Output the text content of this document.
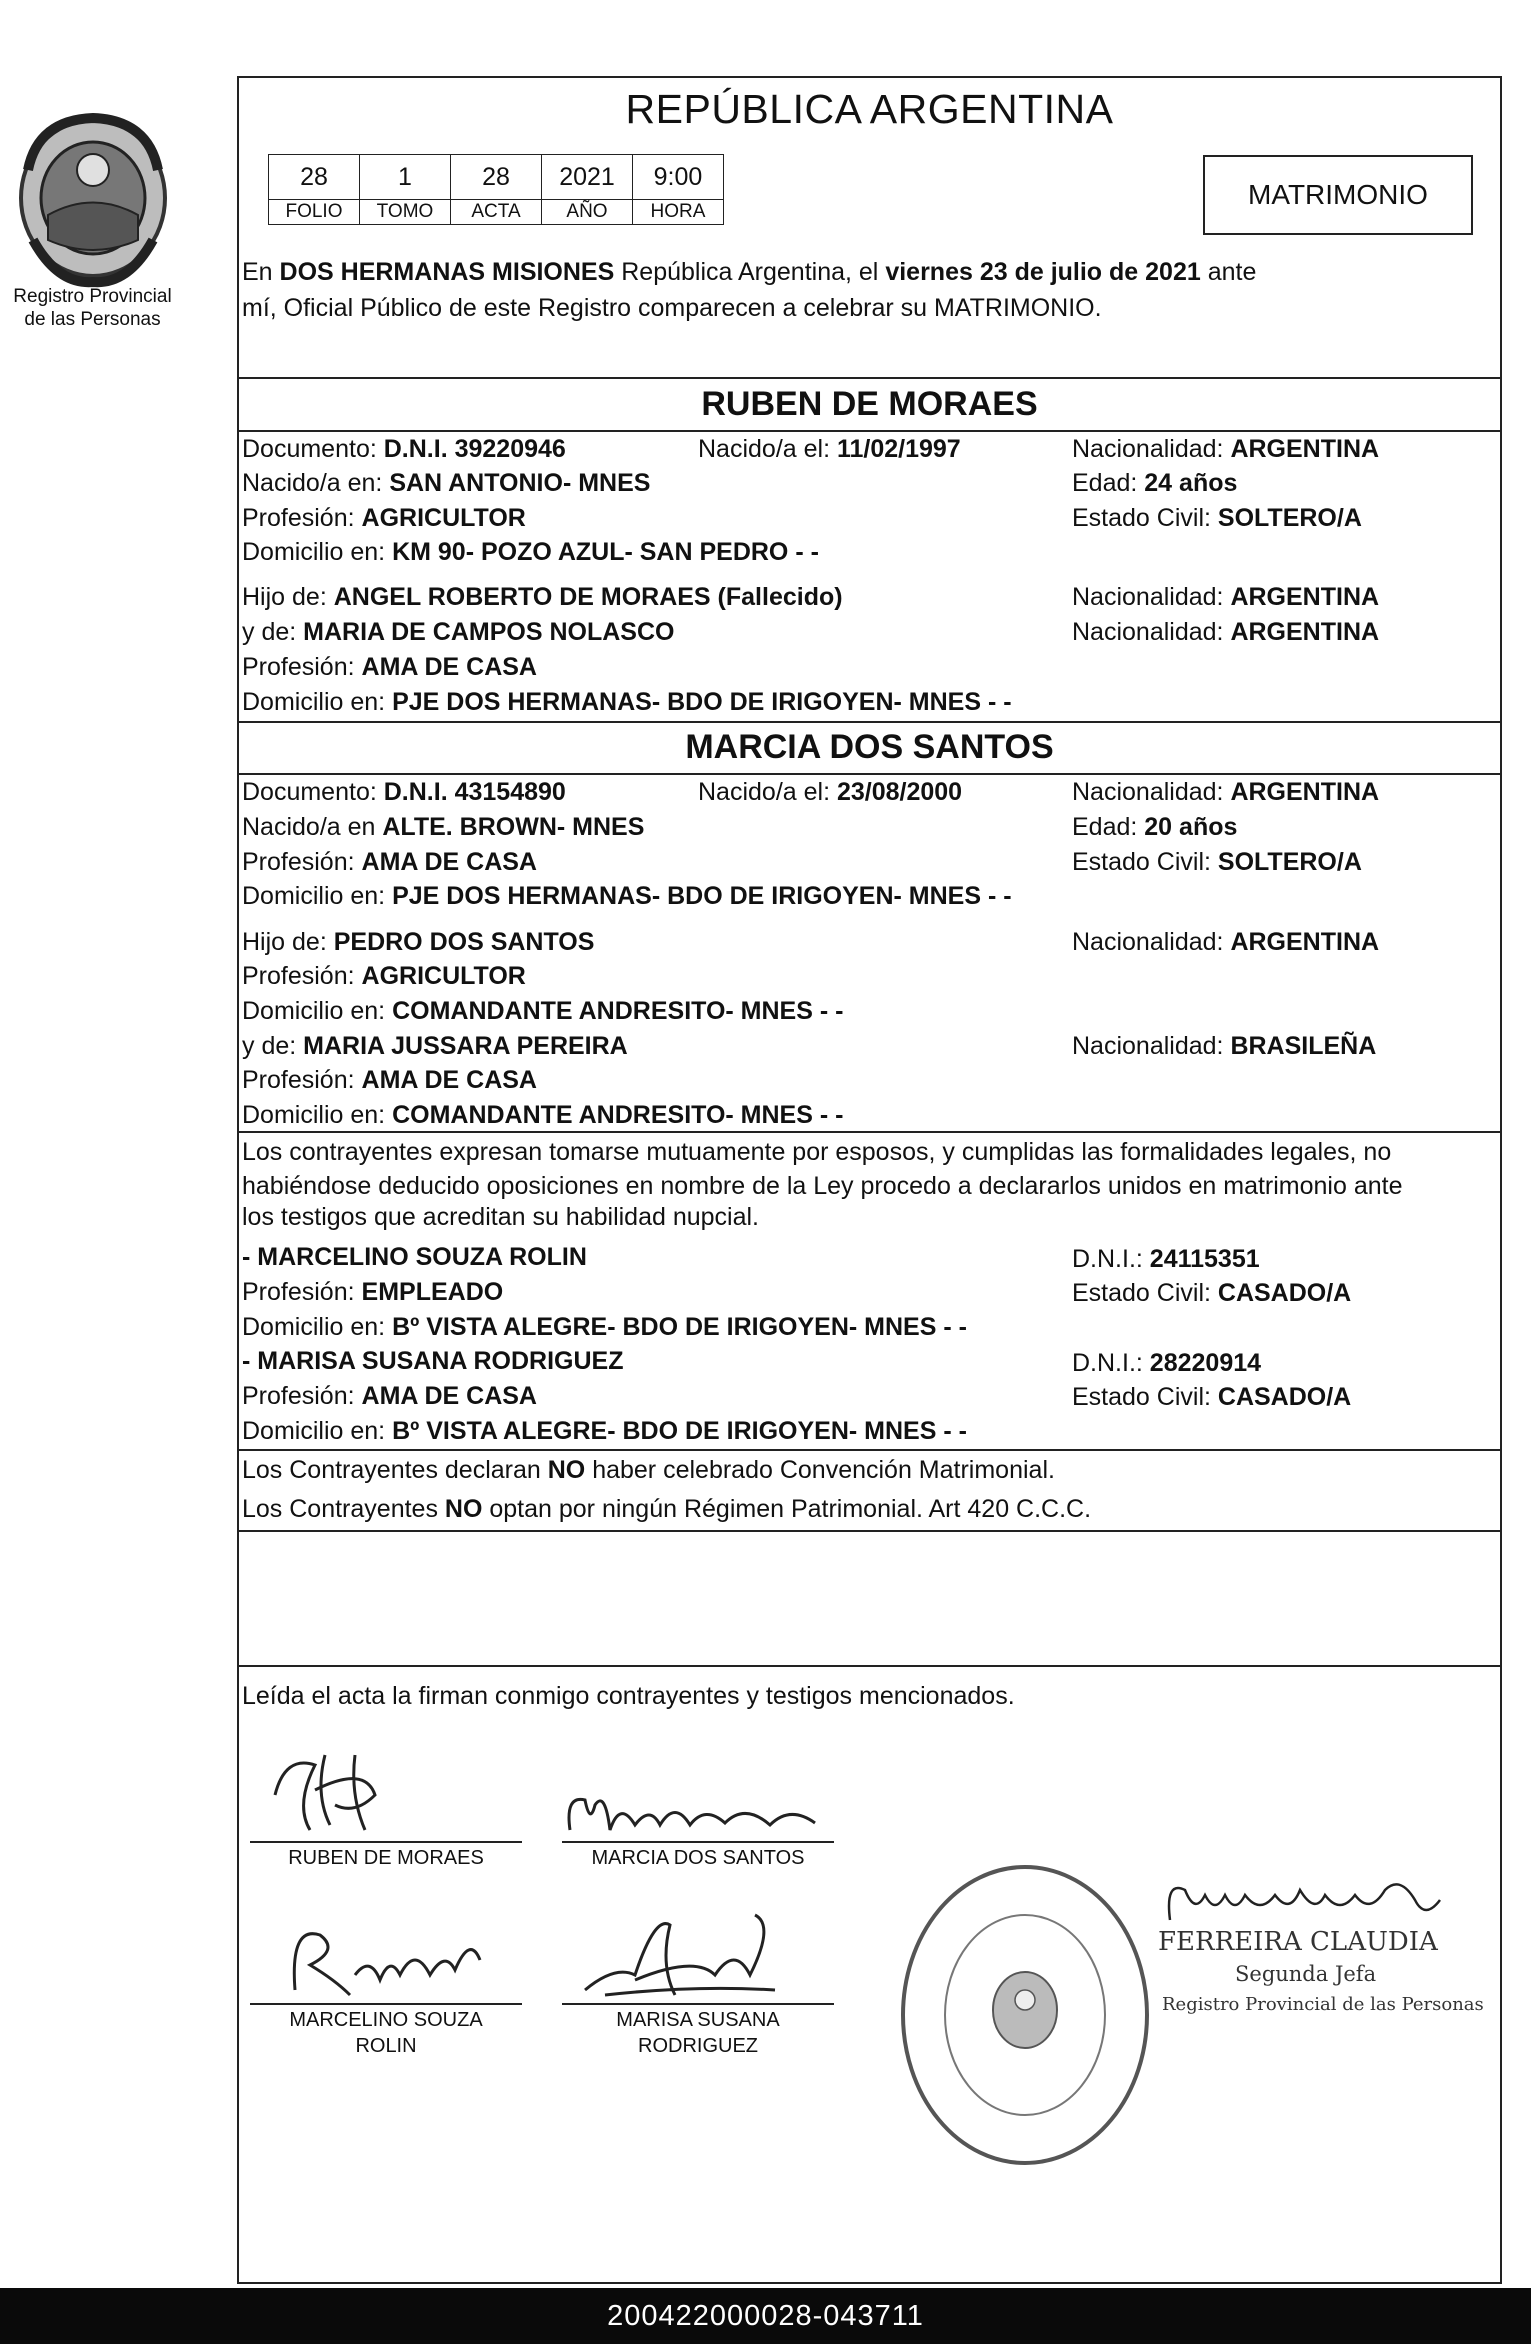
Registro Provincial
de las Personas
REPÚBLICA ARGENTINA
28	1	28	2021	9:00
FOLIO	TOMO	ACTA	AÑO	HORA
MATRIMONIO
En DOS HERMANAS MISIONES República Argentina, el viernes 23 de julio de 2021 ante
mí, Oficial Público de este Registro comparecen a celebrar su MATRIMONIO.
RUBEN DE MORAES
Documento: D.N.I. 39220946	Nacido/a el: 11/02/1997	Nacionalidad: ARGENTINA
Nacido/a en: SAN ANTONIO- MNES	Edad: 24 años
Profesión: AGRICULTOR	Estado Civil: SOLTERO/A
Domicilio en: KM 90- POZO AZUL- SAN PEDRO - -
Hijo de: ANGEL ROBERTO DE MORAES (Fallecido)	Nacionalidad: ARGENTINA
y de: MARIA DE CAMPOS NOLASCO	Nacionalidad: ARGENTINA
Profesión: AMA DE CASA
Domicilio en: PJE DOS HERMANAS- BDO DE IRIGOYEN- MNES - -
MARCIA DOS SANTOS
Documento: D.N.I. 43154890	Nacido/a el: 23/08/2000	Nacionalidad: ARGENTINA
Nacido/a en ALTE. BROWN- MNES	Edad: 20 años
Profesión: AMA DE CASA	Estado Civil: SOLTERO/A
Domicilio en: PJE DOS HERMANAS- BDO DE IRIGOYEN- MNES - -
Hijo de: PEDRO DOS SANTOS	Nacionalidad: ARGENTINA
Profesión: AGRICULTOR
Domicilio en: COMANDANTE ANDRESITO- MNES - -
y de: MARIA JUSSARA PEREIRA	Nacionalidad: BRASILEÑA
Profesión: AMA DE CASA
Domicilio en: COMANDANTE ANDRESITO- MNES - -
Los contrayentes expresan tomarse mutuamente por esposos, y cumplidas las formalidades legales, no
habiéndose deducido oposiciones en nombre de la Ley procedo a declararlos unidos en matrimonio ante
los testigos que acreditan su habilidad nupcial.
- MARCELINO SOUZA ROLIN	D.N.I.: 24115351
Profesión: EMPLEADO	Estado Civil: CASADO/A
Domicilio en: Bº VISTA ALEGRE- BDO DE IRIGOYEN- MNES - -
- MARISA SUSANA RODRIGUEZ	D.N.I.: 28220914
Profesión: AMA DE CASA	Estado Civil: CASADO/A
Domicilio en: Bº VISTA ALEGRE- BDO DE IRIGOYEN- MNES - -
Los Contrayentes declaran NO haber celebrado Convención Matrimonial.
Los Contrayentes NO optan por ningún Régimen Patrimonial. Art 420 C.C.C.
Leída el acta la firman conmigo contrayentes y testigos mencionados.
RUBEN DE MORAES	MARCIA DOS SANTOS
MARCELINO SOUZA
ROLIN
MARISA SUSANA
RODRIGUEZ
FERREIRA CLAUDIA
Segunda Jefa
Registro Provincial de las Personas
200422000028-043711
